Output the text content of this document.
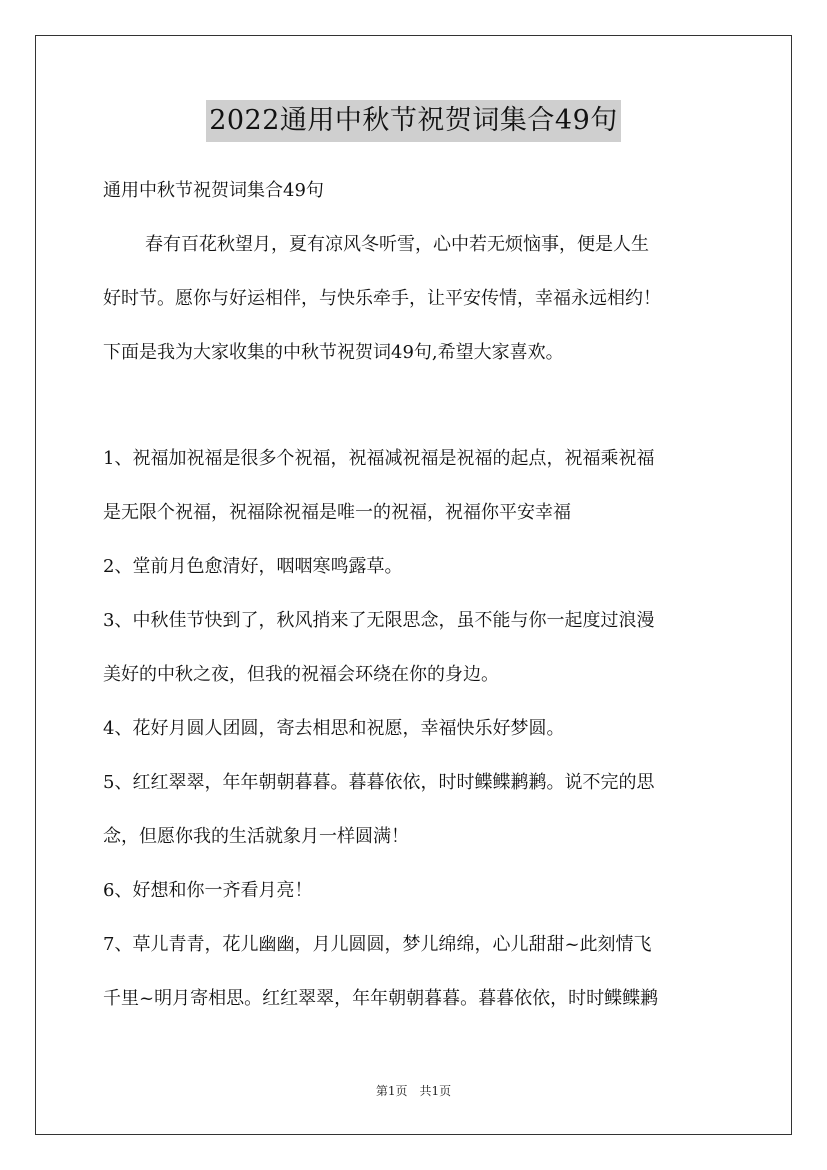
2022通用中秋节祝贺词集合49句
通用中秋节祝贺词集合49句
春有百花秋望月，夏有凉风冬听雪，心中若无烦恼事，便是人生
好时节。愿你与好运相伴，与快乐牵手，让平安传情，幸福永远相约！
下面是我为大家收集的中秋节祝贺词49句,希望大家喜欢。
1、祝福加祝福是很多个祝福，祝福减祝福是祝福的起点，祝福乘祝福
是无限个祝福，祝福除祝福是唯一的祝福，祝福你平安幸福
2、堂前月色愈清好，咽咽寒鸣露草。
3、中秋佳节快到了，秋风捎来了无限思念，虽不能与你一起度过浪漫
美好的中秋之夜，但我的祝福会环绕在你的身边。
4、花好月圆人团圆，寄去相思和祝愿，幸福快乐好梦圆。
5、红红翠翠，年年朝朝暮暮。暮暮依依，时时鲽鲽鹣鹣。说不完的思
念，但愿你我的生活就象月一样圆满！
6、好想和你一齐看月亮！
7、草儿青青，花儿幽幽，月儿圆圆，梦儿绵绵，心儿甜甜~此刻情飞
千里~明月寄相思。红红翠翠，年年朝朝暮暮。暮暮依依，时时鲽鲽鹣
第1页　共1页
